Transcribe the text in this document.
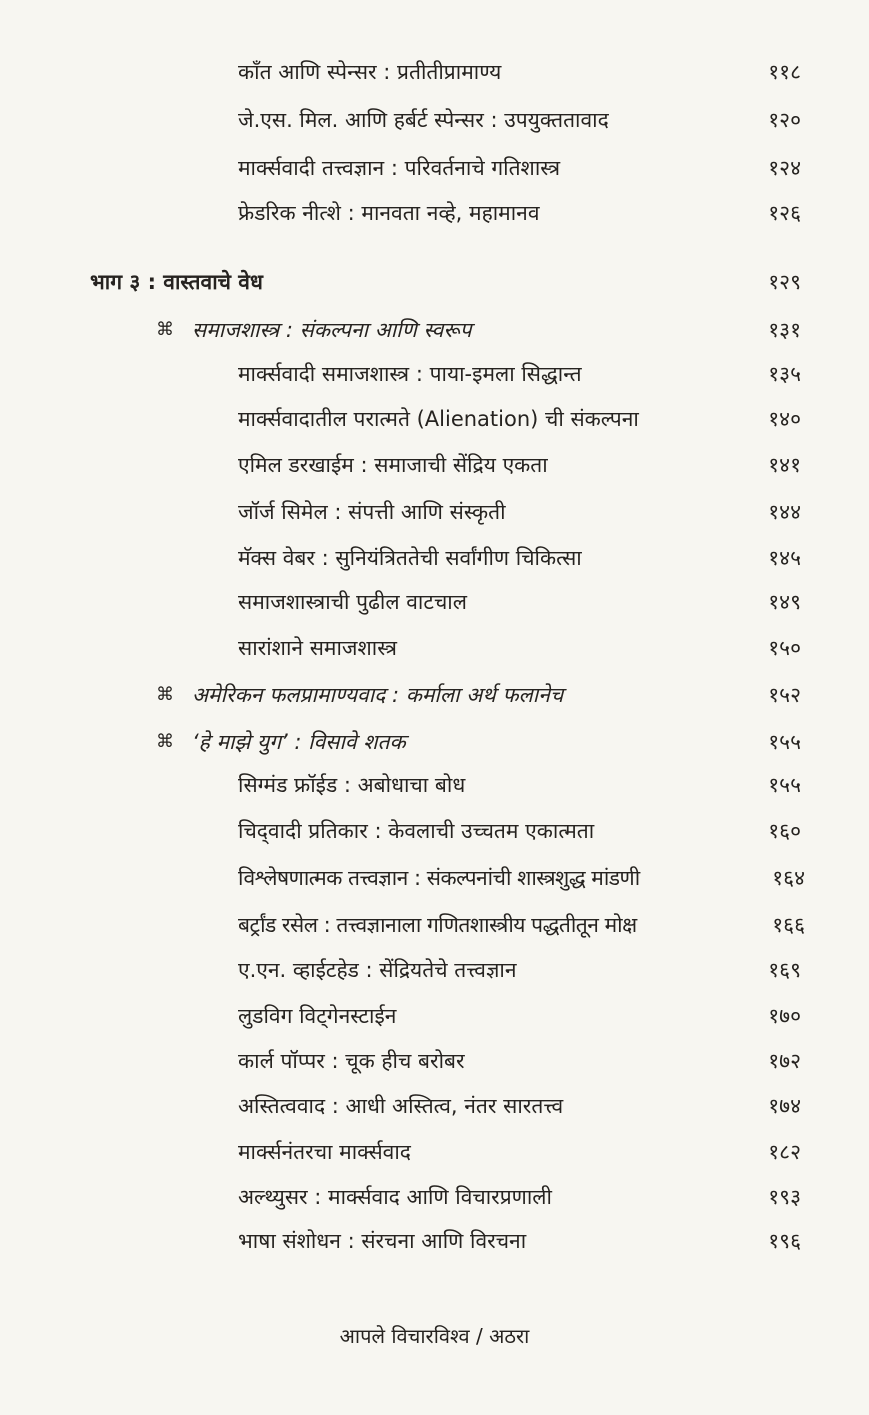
काँत आणि स्पेन्सर : प्रतीतीप्रामाण्य	११८
जे.एस. मिल. आणि हर्बर्ट स्पेन्सर : उपयुक्ततावाद	१२०
मार्क्सवादी तत्त्वज्ञान : परिवर्तनाचे गतिशास्त्र	१२४
फ्रेडरिक नीत्शे : मानवता नव्हे, महामानव	१२६
भाग ३ : वास्तवाचे वेध	१२९
⌘ समाजशास्त्र : संकल्पना आणि स्वरूप	१३१
मार्क्सवादी समाजशास्त्र : पाया-इमला सिद्धान्त	१३५
मार्क्सवादातील परात्मते (Alienation) ची संकल्पना	१४०
एमिल डरखाईम : समाजाची सेंद्रिय एकता	१४१
जॉर्ज सिमेल : संपत्ती आणि संस्कृती	१४४
मॅक्स वेबर : सुनियंत्रिततेची सर्वांगीण चिकित्सा	१४५
समाजशास्त्राची पुढील वाटचाल	१४९
सारांशाने समाजशास्त्र	१५०
⌘ अमेरिकन फलप्रामाण्यवाद : कर्माला अर्थ फलानेच	१५२
⌘ ‘हे माझे युग’ : विसावे शतक	१५५
सिग्मंड फ्रॉईड : अबोधाचा बोध	१५५
चिद्‌वादी प्रतिकार : केवलाची उच्चतम एकात्मता	१६०
विश्लेषणात्मक तत्त्वज्ञान : संकल्पनांची शास्त्रशुद्ध मांडणी	१६४
बर्ट्रांड रसेल : तत्त्वज्ञानाला गणितशास्त्रीय पद्धतीतून मोक्ष	१६६
ए.एन. व्हाईटहेड : सेंद्रियतेचे तत्त्वज्ञान	१६९
लुडविग विट्‌गेनस्टाईन	१७०
कार्ल पॉप्पर : चूक हीच बरोबर	१७२
अस्तित्ववाद : आधी अस्तित्व, नंतर सारतत्त्व	१७४
मार्क्सनंतरचा मार्क्सवाद	१८२
अल्थ्युसर : मार्क्सवाद आणि विचारप्रणाली	१९३
भाषा संशोधन : संरचना आणि विरचना	१९६
आपले विचारविश्व / अठरा
